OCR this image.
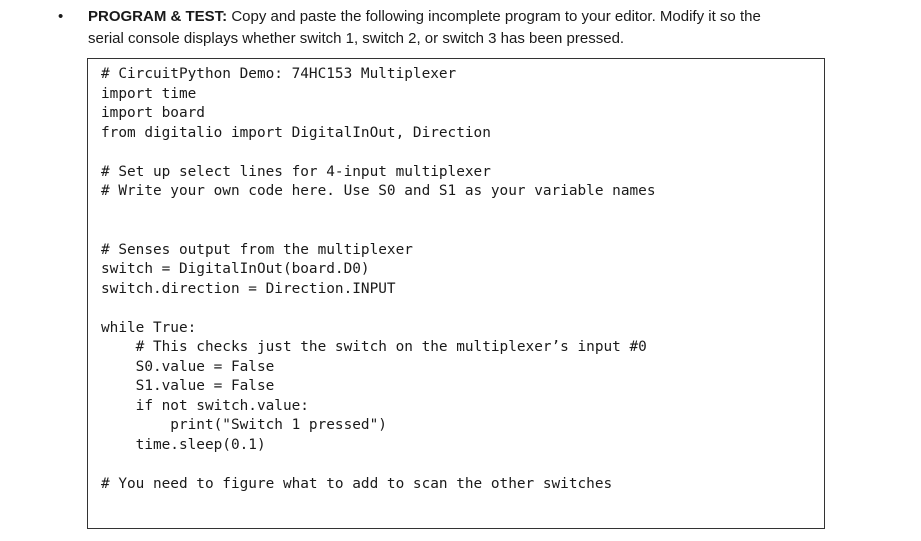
• PROGRAM & TEST: Copy and paste the following incomplete program to your editor. Modify it so the
serial console displays whether switch 1, switch 2, or switch 3 has been pressed.
# CircuitPython Demo: 74HC153 Multiplexer
import time
import board
from digitalio import DigitalInOut, Direction
# Set up select lines for 4-input multiplexer
# Write your own code here. Use S0 and S1 as your variable names
# Senses output from the multiplexer
switch = DigitalInOut(board.D0)
switch.direction = Direction.INPUT
while True:
# This checks just the switch on the multiplexer’s input #0
S0.value = False
S1.value = False
if not switch.value:
print("Switch 1 pressed")
time.sleep(0.1)
# You need to figure what to add to scan the other switches
